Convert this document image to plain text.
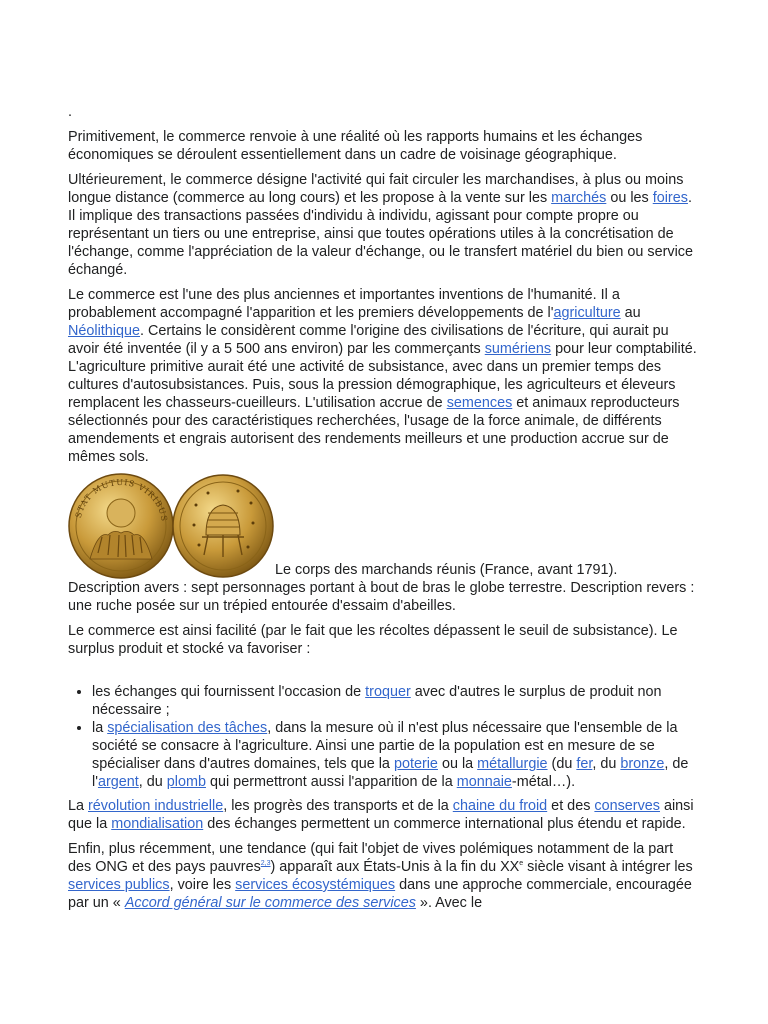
.

Primitivement, le commerce renvoie à une réalité où les rapports humains et les échanges économiques se déroulent essentiellement dans un cadre de voisinage géographique.

Ultérieurement, le commerce désigne l'activité qui fait circuler les marchandises, à plus ou moins longue distance (commerce au long cours) et les propose à la vente sur les marchés ou les foires. Il implique des transactions passées d'individu à individu, agissant pour compte propre ou représentant un tiers ou une entreprise, ainsi que toutes opérations utiles à la concrétisation de l'échange, comme l'appréciation de la valeur d'échange, ou le transfert matériel du bien ou service échangé.

Le commerce est l'une des plus anciennes et importantes inventions de l'humanité. Il a probablement accompagné l'apparition et les premiers développements de l'agriculture au Néolithique. Certains le considèrent comme l'origine des civilisations de l'écriture, qui aurait pu avoir été inventée (il y a 5 500 ans environ) par les commerçants sumériens pour leur comptabilité. L'agriculture primitive aurait été une activité de subsistance, avec dans un premier temps des cultures d'autosubsistances. Puis, sous la pression démographique, les agriculteurs et éleveurs remplacent les chasseurs-cueilleurs. L'utilisation accrue de semences et animaux reproducteurs sélectionnés pour des caractéristiques recherchées, l'usage de la force animale, de différents amendements et engrais autorisent des rendements meilleurs et une production accrue sur de mêmes sols.

STAT MUTUIS VIRIBUS
Le corps des marchands réunis (France, avant 1791).

Description avers : sept personnages portant à bout de bras le globe terrestre. Description revers : une ruche posée sur un trépied entourée d'essaim d'abeilles.

Le commerce est ainsi facilité (par le fait que les récoltes dépassent le seuil de subsistance). Le surplus produit et stocké va favoriser :

• les échanges qui fournissent l'occasion de troquer avec d'autres le surplus de produit non nécessaire ;
• la spécialisation des tâches, dans la mesure où il n'est plus nécessaire que l'ensemble de la société se consacre à l'agriculture. Ainsi une partie de la population est en mesure de se spécialiser dans d'autres domaines, tels que la poterie ou la métallurgie (du fer, du bronze, de l'argent, du plomb qui permettront aussi l'apparition de la monnaie-métal…).

La révolution industrielle, les progrès des transports et de la chaine du froid et des conserves ainsi que la mondialisation des échanges permettent un commerce international plus étendu et rapide.

Enfin, plus récemment, une tendance (qui fait l'objet de vives polémiques notamment de la part des ONG et des pays pauvres$^{2,3}$) apparaît aux États-Unis à la fin du XXe siècle visant à intégrer les services publics, voire les services écosystémiques dans une approche commerciale, encouragée par un « Accord général sur le commerce des services ». Avec le
